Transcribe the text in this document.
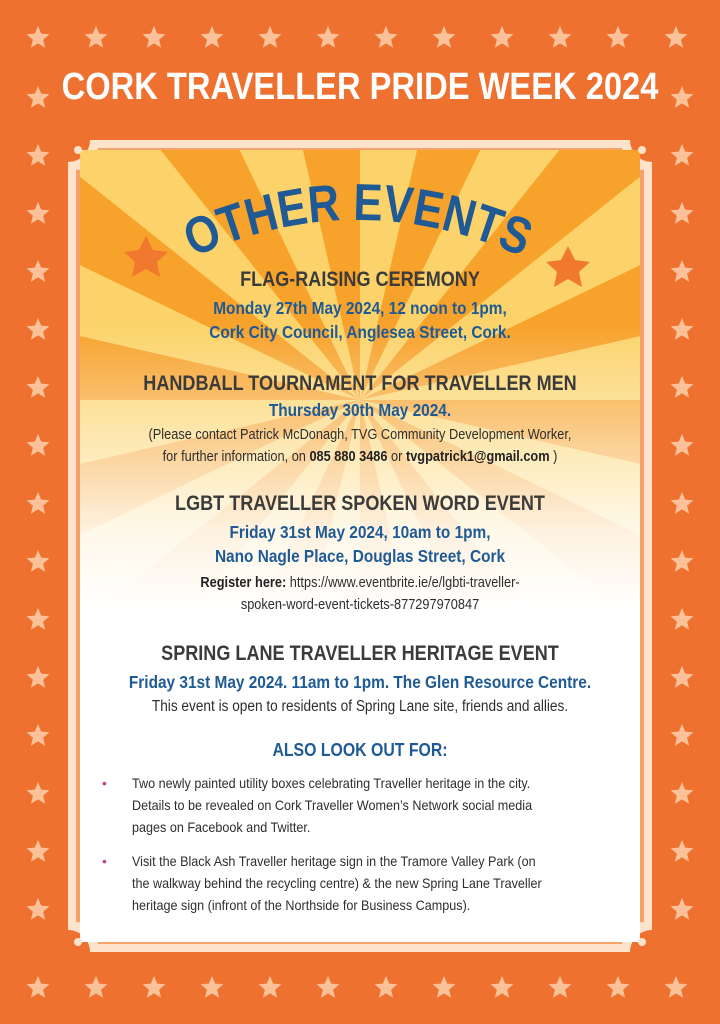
CORK TRAVELLER PRIDE WEEK 2024
OTHER EVENTS
FLAG-RAISING CEREMONY
Monday 27th May 2024, 12 noon to 1pm,
Cork City Council, Anglesea Street, Cork.
HANDBALL TOURNAMENT FOR TRAVELLER MEN
Thursday 30th May 2024.
(Please contact Patrick McDonagh, TVG Community Development Worker,
for further information, on 085 880 3486 or tvgpatrick1@gmail.com )
LGBT TRAVELLER SPOKEN WORD EVENT
Friday 31st May 2024, 10am to 1pm,
Nano Nagle Place, Douglas Street, Cork
Register here: https://www.eventbrite.ie/e/lgbti-traveller-
spoken-word-event-tickets-877297970847
SPRING LANE TRAVELLER HERITAGE EVENT
Friday 31st May 2024. 11am to 1pm. The Glen Resource Centre.
This event is open to residents of Spring Lane site, friends and allies.
ALSO LOOK OUT FOR:
• Two newly painted utility boxes celebrating Traveller heritage in the city.
Details to be revealed on Cork Traveller Women’s Network social media
pages on Facebook and Twitter.
• Visit the Black Ash Traveller heritage sign in the Tramore Valley Park (on
the walkway behind the recycling centre) & the new Spring Lane Traveller
heritage sign (infront of the Northside for Business Campus).
